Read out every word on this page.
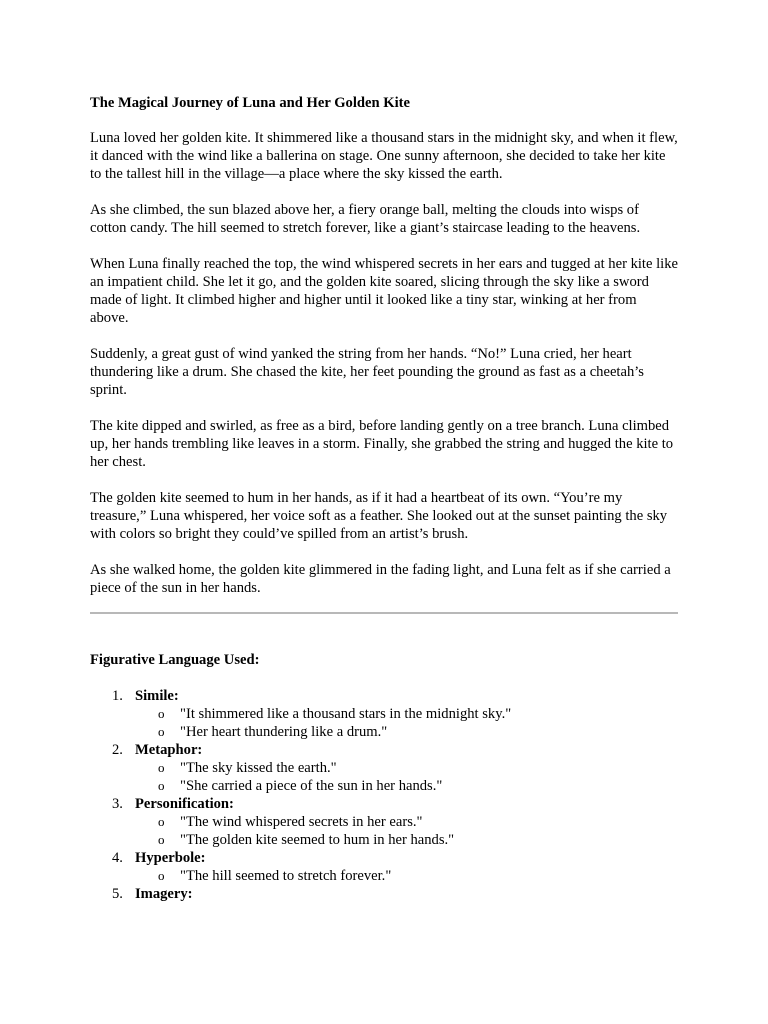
The Magical Journey of Luna and Her Golden Kite

Luna loved her golden kite. It shimmered like a thousand stars in the midnight sky, and when it flew, it danced with the wind like a ballerina on stage. One sunny afternoon, she decided to take her kite to the tallest hill in the village—a place where the sky kissed the earth.

As she climbed, the sun blazed above her, a fiery orange ball, melting the clouds into wisps of cotton candy. The hill seemed to stretch forever, like a giant’s staircase leading to the heavens.

When Luna finally reached the top, the wind whispered secrets in her ears and tugged at her kite like an impatient child. She let it go, and the golden kite soared, slicing through the sky like a sword made of light. It climbed higher and higher until it looked like a tiny star, winking at her from above.

Suddenly, a great gust of wind yanked the string from her hands. “No!” Luna cried, her heart thundering like a drum. She chased the kite, her feet pounding the ground as fast as a cheetah’s sprint.

The kite dipped and swirled, as free as a bird, before landing gently on a tree branch. Luna climbed up, her hands trembling like leaves in a storm. Finally, she grabbed the string and hugged the kite to her chest.

The golden kite seemed to hum in her hands, as if it had a heartbeat of its own. “You’re my treasure,” Luna whispered, her voice soft as a feather. She looked out at the sunset painting the sky with colors so bright they could’ve spilled from an artist’s brush.

As she walked home, the golden kite glimmered in the fading light, and Luna felt as if she carried a piece of the sun in her hands.

Figurative Language Used:

1. Simile:
o "It shimmered like a thousand stars in the midnight sky."
o "Her heart thundering like a drum."
2. Metaphor:
o "The sky kissed the earth."
o "She carried a piece of the sun in her hands."
3. Personification:
o "The wind whispered secrets in her ears."
o "The golden kite seemed to hum in her hands."
4. Hyperbole:
o "The hill seemed to stretch forever."
5. Imagery:
